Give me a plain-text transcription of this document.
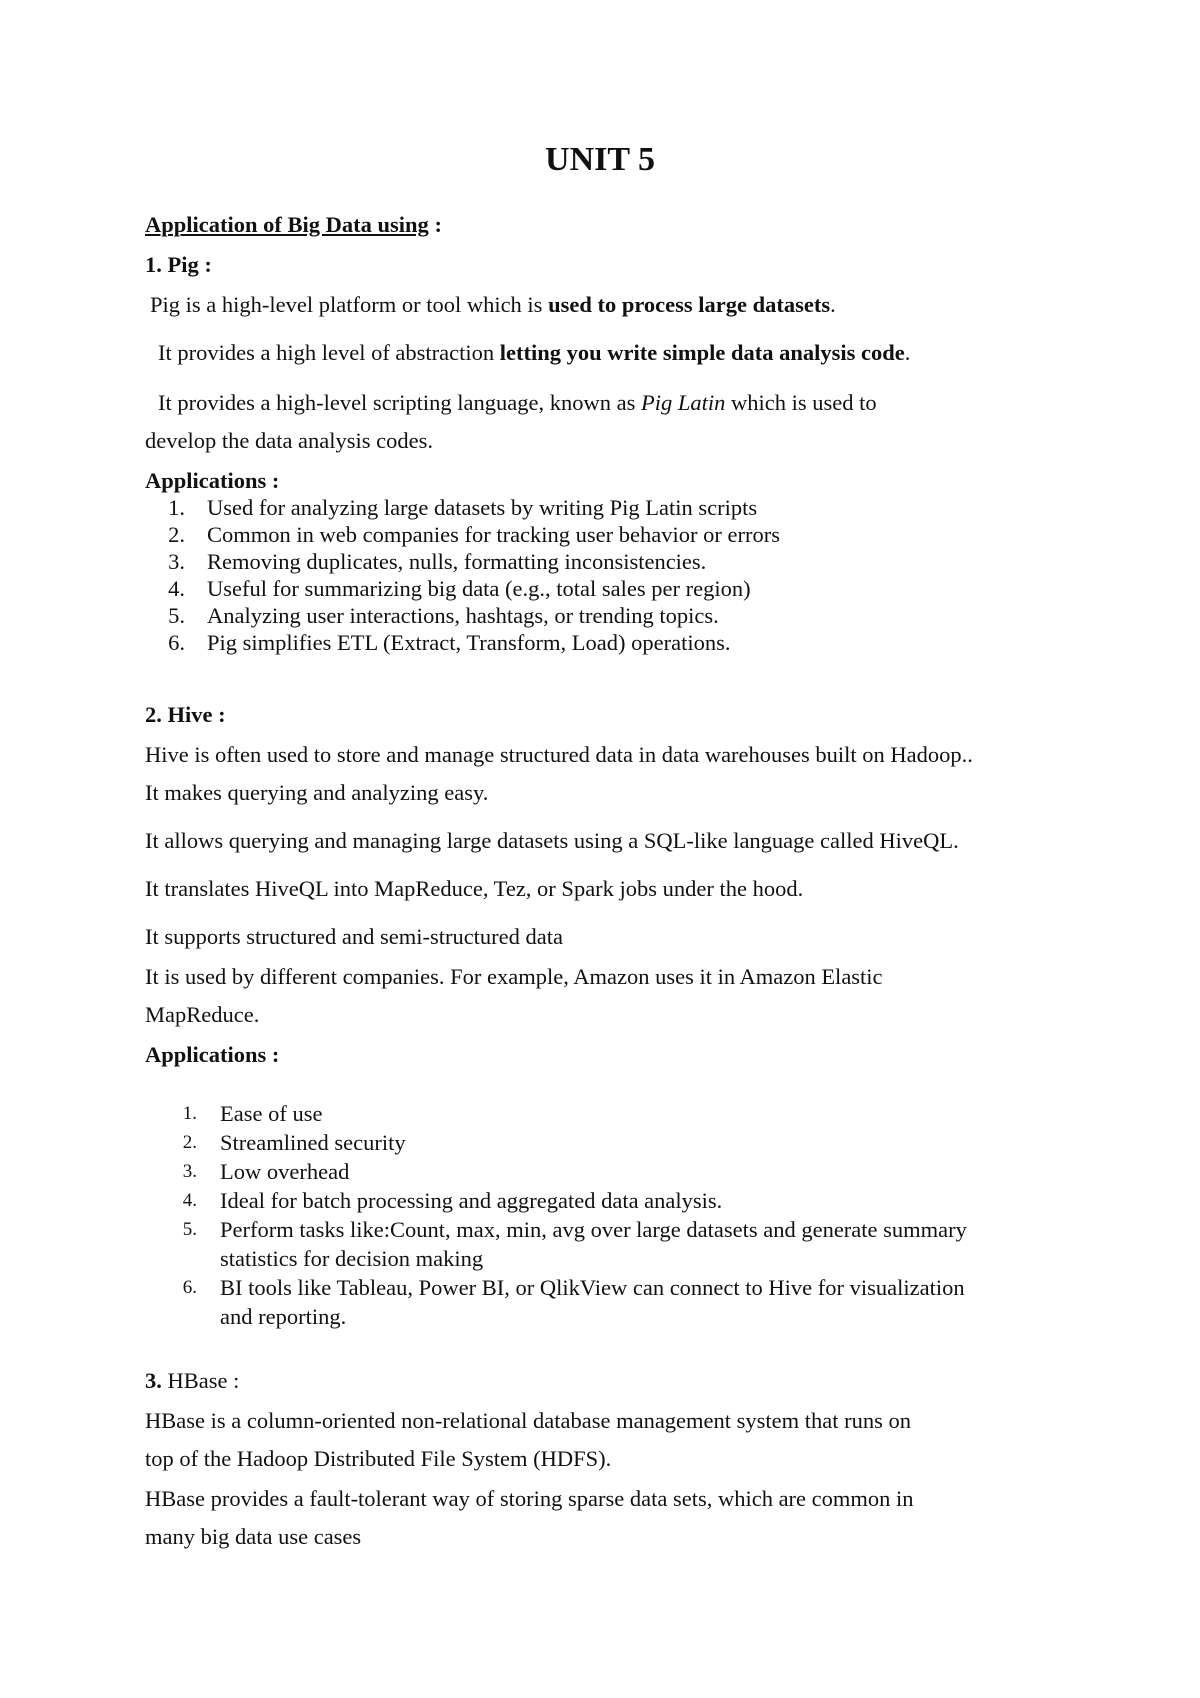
UNIT 5
Application of Big Data using :
1. Pig :
Pig is a high-level platform or tool which is used to process large datasets.
It provides a high level of abstraction letting you write simple data analysis code.
It provides a high-level scripting language, known as Pig Latin which is used to
develop the data analysis codes.
Applications :
1. Used for analyzing large datasets by writing Pig Latin scripts
2. Common in web companies for tracking user behavior or errors
3. Removing duplicates, nulls, formatting inconsistencies.
4. Useful for summarizing big data (e.g., total sales per region)
5. Analyzing user interactions, hashtags, or trending topics.
6. Pig simplifies ETL (Extract, Transform, Load) operations.
2. Hive :
Hive is often used to store and manage structured data in data warehouses built on Hadoop..
It makes querying and analyzing easy.
It allows querying and managing large datasets using a SQL-like language called HiveQL.
It translates HiveQL into MapReduce, Tez, or Spark jobs under the hood.
It supports structured and semi-structured data
It is used by different companies. For example, Amazon uses it in Amazon Elastic
MapReduce.
Applications :
1. Ease of use
2. Streamlined security
3. Low overhead
4. Ideal for batch processing and aggregated data analysis.
5. Perform tasks like:Count, max, min, avg over large datasets and generate summary
statistics for decision making
6. BI tools like Tableau, Power BI, or QlikView can connect to Hive for visualization
and reporting.
3. HBase :
HBase is a column-oriented non-relational database management system that runs on
top of the Hadoop Distributed File System (HDFS).
HBase provides a fault-tolerant way of storing sparse data sets, which are common in
many big data use cases
